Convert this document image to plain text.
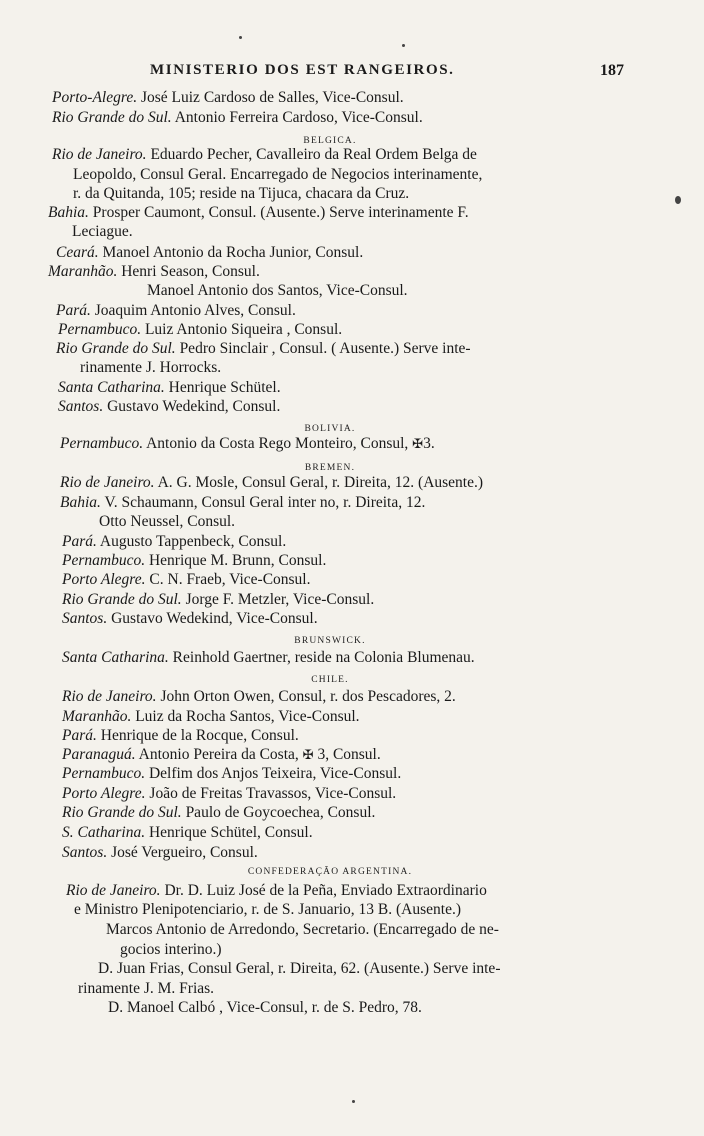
MINISTERIO DOS EST RANGEIROS.	187
Porto-Alegre. José Luiz Cardoso de Salles, Vice-Consul.
Rio Grande do Sul. Antonio Ferreira Cardoso, Vice-Consul.
BELGICA.
Rio de Janeiro. Eduardo Pecher, Cavalleiro da Real Ordem Belga de
Leopoldo, Consul Geral. Encarregado de Negocios interinamente,
r. da Quitanda, 105; reside na Tijuca, chacara da Cruz.
Bahia. Prosper Caumont, Consul. (Ausente.) Serve interinamente F.
Leciague.
Ceará. Manoel Antonio da Rocha Junior, Consul.
Maranhão. Henri Season, Consul.
Manoel Antonio dos Santos, Vice-Consul.
Pará. Joaquim Antonio Alves, Consul.
Pernambuco. Luiz Antonio Siqueira , Consul.
Rio Grande do Sul. Pedro Sinclair , Consul. ( Ausente.) Serve inte-
rinamente J. Horrocks.
Santa Catharina. Henrique Schütel.
Santos. Gustavo Wedekind, Consul.
BOLIVIA.
Pernambuco. Antonio da Costa Rego Monteiro, Consul, ✠3.
BREMEN.
Rio de Janeiro. A. G. Mosle, Consul Geral, r. Direita, 12. (Ausente.)
Bahia. V. Schaumann, Consul Geral inter no, r. Direita, 12.
Otto Neussel, Consul.
Pará. Augusto Tappenbeck, Consul.
Pernambuco. Henrique M. Brunn, Consul.
Porto Alegre. C. N. Fraeb, Vice-Consul.
Rio Grande do Sul. Jorge F. Metzler, Vice-Consul.
Santos. Gustavo Wedekind, Vice-Consul.
BRUNSWICK.
Santa Catharina. Reinhold Gaertner, reside na Colonia Blumenau.
CHILE.
Rio de Janeiro. John Orton Owen, Consul, r. dos Pescadores, 2.
Maranhão. Luiz da Rocha Santos, Vice-Consul.
Pará. Henrique de la Rocque, Consul.
Paranaguá. Antonio Pereira da Costa, ✠ 3, Consul.
Pernambuco. Delfim dos Anjos Teixeira, Vice-Consul.
Porto Alegre. João de Freitas Travassos, Vice-Consul.
Rio Grande do Sul. Paulo de Goycoechea, Consul.
S. Catharina. Henrique Schütel, Consul.
Santos. José Vergueiro, Consul.
CONFEDERAÇÃO ARGENTINA.
Rio de Janeiro. Dr. D. Luiz José de la Peña, Enviado Extraordinario
e Ministro Plenipotenciario, r. de S. Januario, 13 B. (Ausente.)
Marcos Antonio de Arredondo, Secretario. (Encarregado de ne-
gocios interino.)
D. Juan Frias, Consul Geral, r. Direita, 62. (Ausente.) Serve inte-
rinamente J. M. Frias.
D. Manoel Calbó , Vice-Consul, r. de S. Pedro, 78.
